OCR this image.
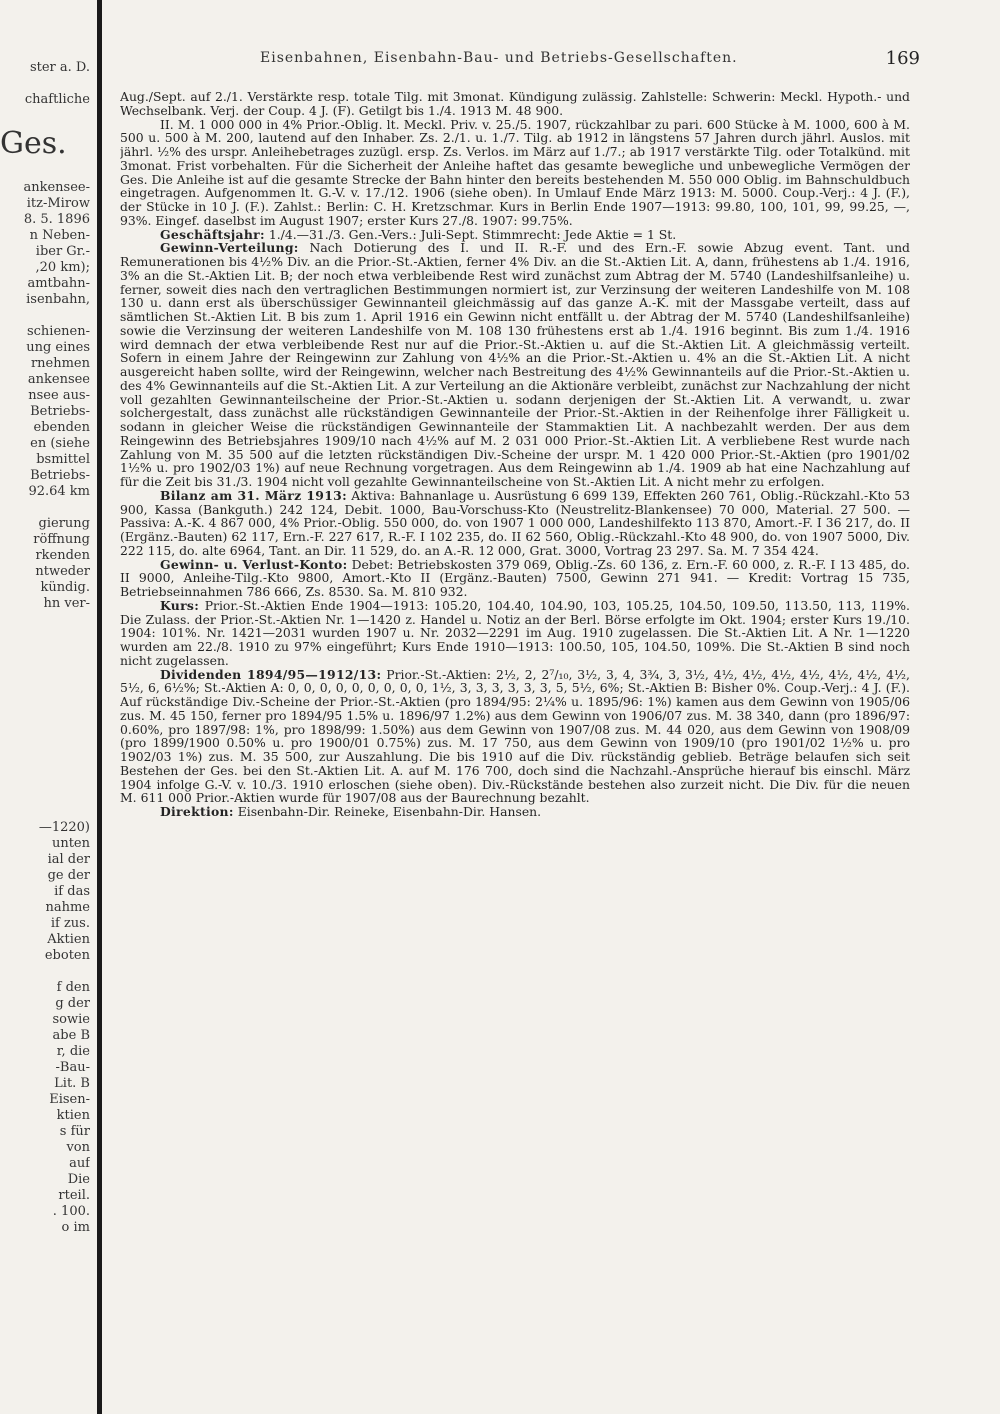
ster a. D.

chaftliche

Ges.

ankensee-
itz-Mirow
8. 5. 1896
n Neben-
iber Gr.-
,20 km);
amtbahn-
isenbahn,

schienen-
ung eines
rnehmen
ankensee
nsee aus-
Betriebs-
ebenden
en (siehe
bsmittel
Betriebs-
92.64 km

gierung
röffnung
rkenden
ntweder
kündig.
hn ver-

—1220)
unten
ial der
ge der
if das
nahme
if zus.
Aktien
eboten

f den
g der
sowie
abe B
r, die
-Bau-
Lit. B
Eisen-
ktien
s für
von
auf
Die
rteil.
. 100.
o im
Eisenbahnen, Eisenbahn-Bau- und Betriebs-Gesellschaften.	169

Aug./Sept. auf 2./1. Verstärkte resp. totale Tilg. mit 3monat. Kündigung zulässig. Zahlstelle: Schwerin: Meckl. Hypoth.- und Wechselbank. Verj. der Coup. 4 J. (F). Getilgt bis 1./4. 1913 M. 48 900.

II. M. 1 000 000 in 4% Prior.-Oblig. lt. Meckl. Priv. v. 25./5. 1907, rückzahlbar zu pari. 600 Stücke à M. 1000, 600 à M. 500 u. 500 à M. 200, lautend auf den Inhaber. Zs. 2./1. u. 1./7. Tilg. ab 1912 in längstens 57 Jahren durch jährl. Auslos. mit jährl. ½% des urspr. Anleihebetrages zuzügl. ersp. Zs. Verlos. im März auf 1./7.; ab 1917 verstärkte Tilg. oder Totalkünd. mit 3monat. Frist vorbehalten. Für die Sicherheit der Anleihe haftet das gesamte bewegliche und unbewegliche Vermögen der Ges. Die Anleihe ist auf die gesamte Strecke der Bahn hinter den bereits bestehenden M. 550 000 Oblig. im Bahnschuldbuch eingetragen. Aufgenommen lt. G.-V. v. 17./12. 1906 (siehe oben). In Umlauf Ende März 1913: M. 5000. Coup.-Verj.: 4 J. (F.), der Stücke in 10 J. (F.). Zahlst.: Berlin: C. H. Kretzschmar. Kurs in Berlin Ende 1907—1913: 99.80, 100, 101, 99, 99.25, —, 93%. Eingef. daselbst im August 1907; erster Kurs 27./8. 1907: 99.75%.

Geschäftsjahr: 1./4.—31./3. Gen.-Vers.: Juli-Sept. Stimmrecht: Jede Aktie = 1 St.

Gewinn-Verteilung: Nach Dotierung des I. und II. R.-F. und des Ern.-F. sowie Abzug event. Tant. und Remunerationen bis 4½% Div. an die Prior.-St.-Aktien, ferner 4% Div. an die St.-Aktien Lit. A, dann, frühestens ab 1./4. 1916, 3% an die St.-Aktien Lit. B; der noch etwa verbleibende Rest wird zunächst zum Abtrag der M. 5740 (Landeshilfsanleihe) u. ferner, soweit dies nach den vertraglichen Bestimmungen normiert ist, zur Verzinsung der weiteren Landeshilfe von M. 108 130 u. dann erst als überschüssiger Gewinnanteil gleichmässig auf das ganze A.-K. mit der Massgabe verteilt, dass auf sämtlichen St.-Aktien Lit. B bis zum 1. April 1916 ein Gewinn nicht entfällt u. der Abtrag der M. 5740 (Landeshilfsanleihe) sowie die Verzinsung der weiteren Landeshilfe von M. 108 130 frühestens erst ab 1./4. 1916 beginnt. Bis zum 1./4. 1916 wird demnach der etwa verbleibende Rest nur auf die Prior.-St.-Aktien u. auf die St.-Aktien Lit. A gleichmässig verteilt. Sofern in einem Jahre der Reingewinn zur Zahlung von 4½% an die Prior.-St.-Aktien u. 4% an die St.-Aktien Lit. A nicht ausgereicht haben sollte, wird der Reingewinn, welcher nach Bestreitung des 4½% Gewinnanteils auf die Prior.-St.-Aktien u. des 4% Gewinnanteils auf die St.-Aktien Lit. A zur Verteilung an die Aktionäre verbleibt, zunächst zur Nachzahlung der nicht voll gezahlten Gewinnanteilscheine der Prior.-St.-Aktien u. sodann derjenigen der St.-Aktien Lit. A verwandt, u. zwar solchergestalt, dass zunächst alle rückständigen Gewinnanteile der Prior.-St.-Aktien in der Reihenfolge ihrer Fälligkeit u. sodann in gleicher Weise die rückständigen Gewinnanteile der Stammaktien Lit. A nachbezahlt werden. Der aus dem Reingewinn des Betriebsjahres 1909/10 nach 4½% auf M. 2 031 000 Prior.-St.-Aktien Lit. A verbliebene Rest wurde nach Zahlung von M. 35 500 auf die letzten rückständigen Div.-Scheine der urspr. M. 1 420 000 Prior.-St.-Aktien (pro 1901/02 1½% u. pro 1902/03 1%) auf neue Rechnung vorgetragen. Aus dem Reingewinn ab 1./4. 1909 ab hat eine Nachzahlung auf für die Zeit bis 31./3. 1904 nicht voll gezahlte Gewinnanteilscheine von St.-Aktien Lit. A nicht mehr zu erfolgen.

Bilanz am 31. März 1913: Aktiva: Bahnanlage u. Ausrüstung 6 699 139, Effekten 260 761, Oblig.-Rückzahl.-Kto 53 900, Kassa (Bankguth.) 242 124, Debit. 1000, Bau-Vorschuss-Kto (Neustrelitz-Blankensee) 70 000, Material. 27 500. — Passiva: A.-K. 4 867 000, 4% Prior.-Oblig. 550 000, do. von 1907 1 000 000, Landeshilfekto 113 870, Amort.-F. I 36 217, do. II (Ergänz.-Bauten) 62 117, Ern.-F. 227 617, R.-F. I 102 235, do. II 62 560, Oblig.-Rückzahl.-Kto 48 900, do. von 1907 5000, Div. 222 115, do. alte 6964, Tant. an Dir. 11 529, do. an A.-R. 12 000, Grat. 3000, Vortrag 23 297. Sa. M. 7 354 424.

Gewinn- u. Verlust-Konto: Debet: Betriebskosten 379 069, Oblig.-Zs. 60 136, z. Ern.-F. 60 000, z. R.-F. I 13 485, do. II 9000, Anleihe-Tilg.-Kto 9800, Amort.-Kto II (Ergänz.-Bauten) 7500, Gewinn 271 941. — Kredit: Vortrag 15 735, Betriebseinnahmen 786 666, Zs. 8530. Sa. M. 810 932.

Kurs: Prior.-St.-Aktien Ende 1904—1913: 105.20, 104.40, 104.90, 103, 105.25, 104.50, 109.50, 113.50, 113, 119%. Die Zulass. der Prior.-St.-Aktien Nr. 1—1420 z. Handel u. Notiz an der Berl. Börse erfolgte im Okt. 1904; erster Kurs 19./10. 1904: 101%. Nr. 1421—2031 wurden 1907 u. Nr. 2032—2291 im Aug. 1910 zugelassen. Die St.-Aktien Lit. A Nr. 1—1220 wurden am 22./8. 1910 zu 97% eingeführt; Kurs Ende 1910—1913: 100.50, 105, 104.50, 109%. Die St.-Aktien B sind noch nicht zugelassen.

Dividenden 1894/95—1912/13: Prior.-St.-Aktien: 2½, 2, 2⁷/₁₀, 3½, 3, 4, 3¾, 3, 3½, 4½, 4½, 4½, 4½, 4½, 4½, 4½, 5½, 6, 6½%; St.-Aktien A: 0, 0, 0, 0, 0, 0, 0, 0, 0, 1½, 3, 3, 3, 3, 3, 3, 5, 5½, 6%; St.-Aktien B: Bisher 0%. Coup.-Verj.: 4 J. (F.). Auf rückständige Div.-Scheine der Prior.-St.-Aktien (pro 1894/95: 2¼% u. 1895/96: 1%) kamen aus dem Gewinn von 1905/06 zus. M. 45 150, ferner pro 1894/95 1.5% u. 1896/97 1.2%) aus dem Gewinn von 1906/07 zus. M. 38 340, dann (pro 1896/97: 0.60%, pro 1897/98: 1%, pro 1898/99: 1.50%) aus dem Gewinn von 1907/08 zus. M. 44 020, aus dem Gewinn von 1908/09 (pro 1899/1900 0.50% u. pro 1900/01 0.75%) zus. M. 17 750, aus dem Gewinn von 1909/10 (pro 1901/02 1½% u. pro 1902/03 1%) zus. M. 35 500, zur Auszahlung. Die bis 1910 auf die Div. rückständig geblieb. Beträge belaufen sich seit Bestehen der Ges. bei den St.-Aktien Lit. A. auf M. 176 700, doch sind die Nachzahl.-Ansprüche hierauf bis einschl. März 1904 infolge G.-V. v. 10./3. 1910 erloschen (siehe oben). Div.-Rückstände bestehen also zurzeit nicht. Die Div. für die neuen M. 611 000 Prior.-Aktien wurde für 1907/08 aus der Baurechnung bezahlt.

Direktion: Eisenbahn-Dir. Reineke, Eisenbahn-Dir. Hansen.
